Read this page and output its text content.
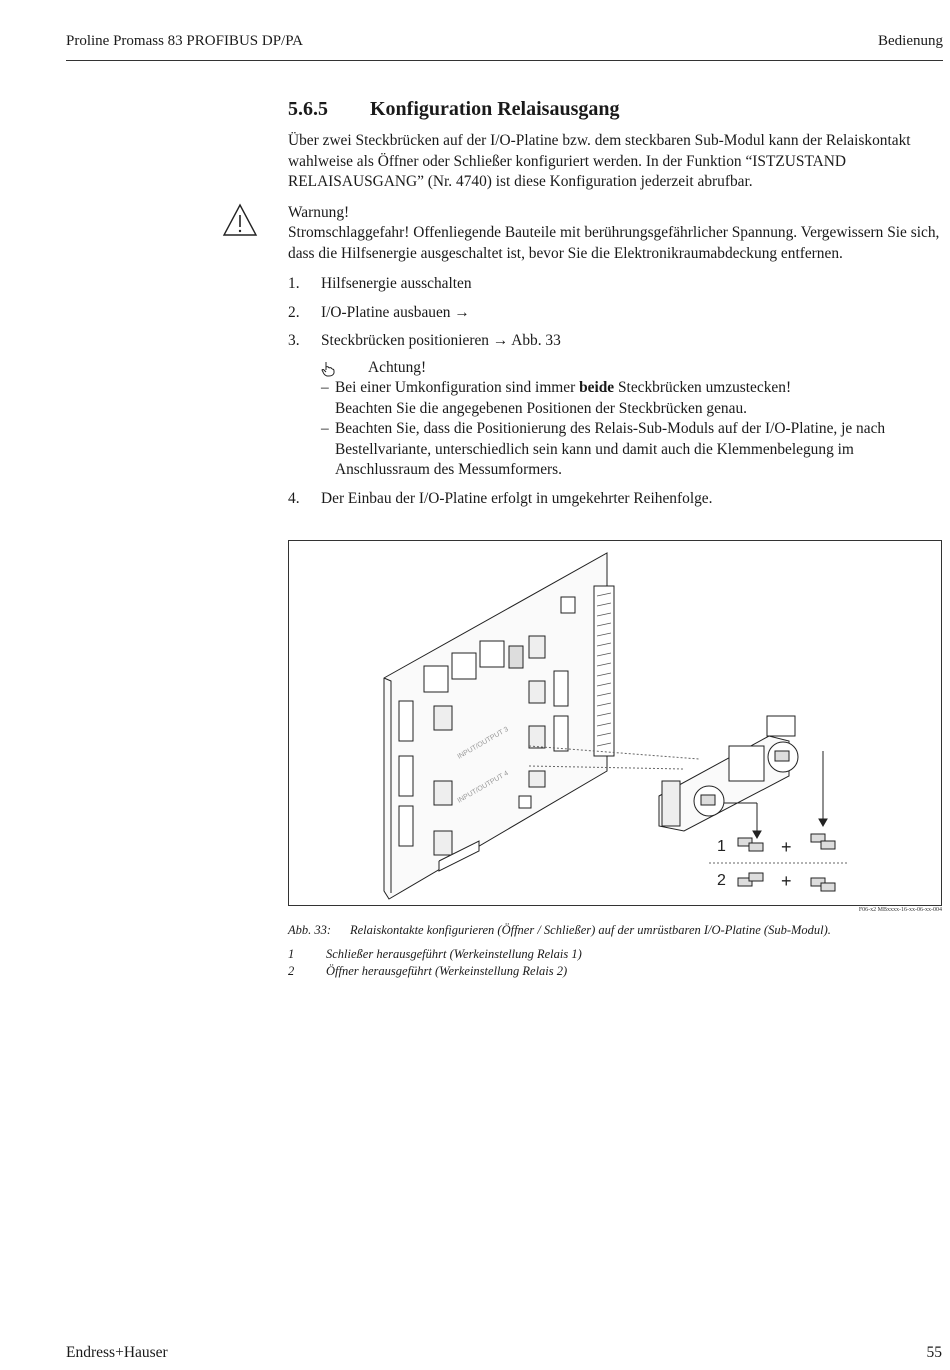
Proline Promass 83 PROFIBUS DP/PA	Bedienung
5.6.5 Konfiguration Relaisausgang

Über zwei Steckbrücken auf der I/O-Platine bzw. dem steckbaren Sub-Modul kann der Relaiskontakt wahlweise als Öffner oder Schließer konfiguriert werden. In der Funktion “ISTZUSTAND RELAISAUSGANG” (Nr. 4740) ist diese Konfiguration jederzeit abrufbar.

Warnung!

Stromschlaggefahr! Offenliegende Bauteile mit berührungsgefährlicher Spannung. Vergewissern Sie sich, dass die Hilfsenergie ausgeschaltet ist, bevor Sie die Elektronikraumabdeckung entfernen.

1. Hilfsenergie ausschalten
2. I/O-Platine ausbauen →
3. Steckbrücken positionieren → Abb. 33
Achtung!
– Bei einer Umkonfiguration sind immer beide Steckbrücken umzustecken!
Beachten Sie die angegebenen Positionen der Steckbrücken genau.
– Beachten Sie, dass die Positionierung des Relais-Sub-Moduls auf der I/O-Platine, je nach Bestellvariante, unterschiedlich sein kann und damit auch die Klemmenbelegung im Anschlussraum des Messumformers.
4. Der Einbau der I/O-Platine erfolgt in umgekehrter Reihenfolge.
INPUT/OUTPUT 3
INPUT/OUTPUT 4
1	+
2	+
F06-x2 MBxxxx-16-xx-06-xx-004
Abb. 33: Relaiskontakte konfigurieren (Öffner / Schließer) auf der umrüstbaren I/O-Platine (Sub-Modul).
1	Schließer herausgeführt (Werkeinstellung Relais 1)
2	Öffner herausgeführt (Werkeinstellung Relais 2)
Endress+Hauser	55
